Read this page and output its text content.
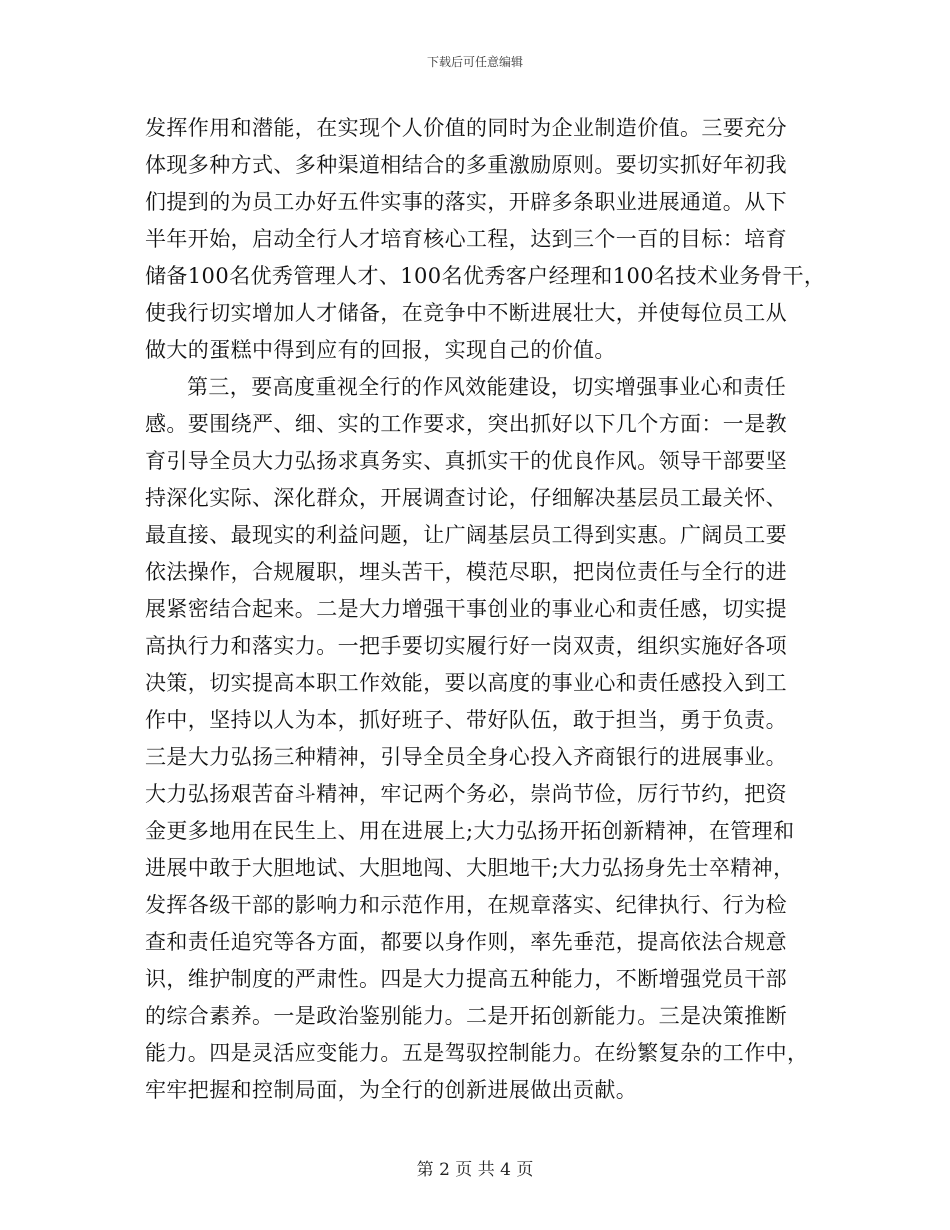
下载后可任意编辑
发挥作用和潜能，在实现个人价值的同时为企业制造价值。三要充分
体现多种方式、多种渠道相结合的多重激励原则。要切实抓好年初我
们提到的为员工办好五件实事的落实，开辟多条职业进展通道。从下
半年开始，启动全行人才培育核心工程，达到三个一百的目标：培育
储备100名优秀管理人才、100名优秀客户经理和100名技术业务骨干，
使我行切实增加人才储备，在竞争中不断进展壮大，并使每位员工从
做大的蛋糕中得到应有的回报，实现自己的价值。
第三，要高度重视全行的作风效能建设，切实增强事业心和责任
感。要围绕严、细、实的工作要求，突出抓好以下几个方面：一是教
育引导全员大力弘扬求真务实、真抓实干的优良作风。领导干部要坚
持深化实际、深化群众，开展调查讨论，仔细解决基层员工最关怀、
最直接、最现实的利益问题，让广阔基层员工得到实惠。广阔员工要
依法操作，合规履职，埋头苦干，模范尽职，把岗位责任与全行的进
展紧密结合起来。二是大力增强干事创业的事业心和责任感，切实提
高执行力和落实力。一把手要切实履行好一岗双责，组织实施好各项
决策，切实提高本职工作效能，要以高度的事业心和责任感投入到工
作中，坚持以人为本，抓好班子、带好队伍，敢于担当，勇于负责。
三是大力弘扬三种精神，引导全员全身心投入齐商银行的进展事业。
大力弘扬艰苦奋斗精神，牢记两个务必，崇尚节俭，厉行节约，把资
金更多地用在民生上、用在进展上;大力弘扬开拓创新精神，在管理和
进展中敢于大胆地试、大胆地闯、大胆地干;大力弘扬身先士卒精神，
发挥各级干部的影响力和示范作用，在规章落实、纪律执行、行为检
查和责任追究等各方面，都要以身作则，率先垂范，提高依法合规意
识，维护制度的严肃性。四是大力提高五种能力，不断增强党员干部
的综合素养。一是政治鉴别能力。二是开拓创新能力。三是决策推断
能力。四是灵活应变能力。五是驾驭控制能力。在纷繁复杂的工作中，
牢牢把握和控制局面，为全行的创新进展做出贡献。
第 2 页 共 4 页
